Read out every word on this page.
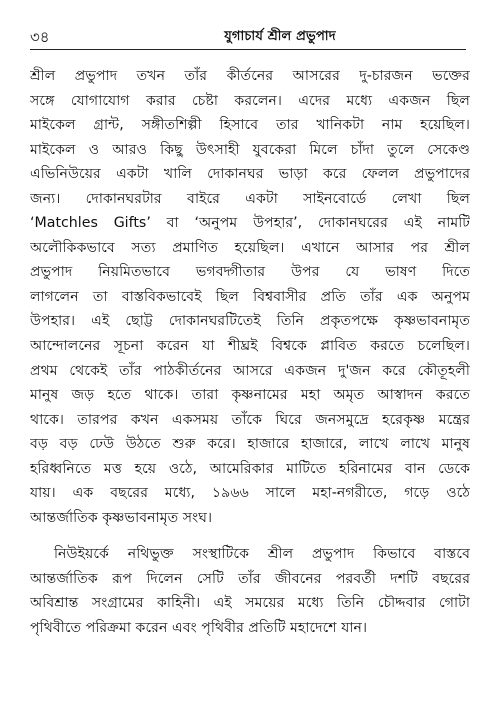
৩৪	যুগাচার্য শ্রীল প্রভুপাদ
শ্রীল প্রভুপাদ তখন তাঁর কীর্তনের আসরের দু-চারজন ভক্তের
সঙ্গে যোগাযোগ করার চেষ্টা করলেন। এদের মধ্যে একজন ছিল
মাইকেল গ্রান্ট, সঙ্গীতশিল্পী হিসাবে তার খানিকটা নাম হয়েছিল।
মাইকেল ও আরও কিছু উৎসাহী যুবকেরা মিলে চাঁদা তুলে সেকেণ্ড
এভিনিউয়ের একটা খালি দোকানঘর ভাড়া করে ফেলল প্রভুপাদের
জন্য। দোকানঘরটার বাইরে একটা সাইনবোর্ডে লেখা ছিল
‘Matchles Gifts’ বা ‘অনুপম উপহার’, দোকানঘরের এই নামটি
অলৌকিকভাবে সত্য প্রমাণিত হয়েছিল। এখানে আসার পর শ্রীল
প্রভুপাদ নিয়মিতভাবে ভগবদ্গীতার উপর যে ভাষণ দিতে
লাগলেন তা বাস্তবিকভাবেই ছিল বিশ্ববাসীর প্রতি তাঁর এক অনুপম
উপহার। এই ছোট্ট দোকানঘরটিতেই তিনি প্রকৃতপক্ষে কৃষ্ণভাবনামৃত
আন্দোলনের সূচনা করেন যা শীঘ্রই বিশ্বকে প্লাবিত করতে চলেছিল।
প্রথম থেকেই তাঁর পাঠকীর্তনের আসরে একজন দু'জন করে কৌতূহলী
মানুষ জড় হতে থাকে। তারা কৃষ্ণনামের মহা অমৃত আস্বাদন করতে
থাকে। তারপর কখন একসময় তাঁকে ঘিরে জনসমুদ্রে হরেকৃষ্ণ মন্ত্রের
বড় বড় ঢেউ উঠতে শুরু করে। হাজারে হাজারে, লাখে লাখে মানুষ
হরিধ্বনিতে মত্ত হয়ে ওঠে, আমেরিকার মাটিতে হরিনামের বান ডেকে
যায়। এক বছরের মধ্যে, ১৯৬৬ সালে মহা-নগরীতে, গড়ে ওঠে
আন্তর্জাতিক কৃষ্ণভাবনামৃত সংঘ।
নিউইয়র্কে নথিভুক্ত সংস্থাটিকে শ্রীল প্রভুপাদ কিভাবে বাস্তবে
আন্তর্জাতিক রূপ দিলেন সেটি তাঁর জীবনের পরবর্তী দশটি বছরের
অবিশ্রান্ত সংগ্রামের কাহিনী। এই সময়ের মধ্যে তিনি চৌদ্দবার গোটা
পৃথিবীতে পরিক্রমা করেন এবং পৃথিবীর প্রতিটি মহাদেশে যান।
